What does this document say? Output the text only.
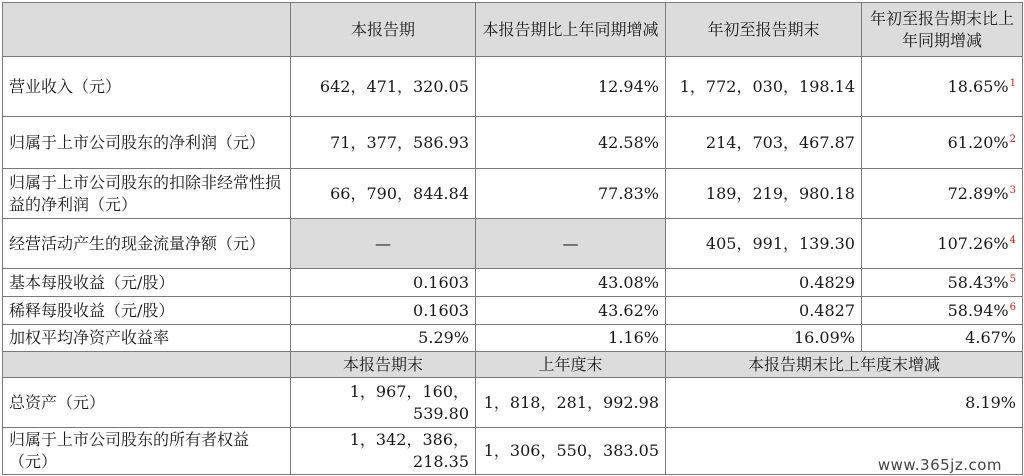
	本报告期	本报告期比上年同期增减	年初至报告期末	年初至报告期末比上年同期增减
营业收入（元）	642，471，320.05	12.94%	1，772，030，198.14	18.65%$^1$
归属于上市公司股东的净利润（元）	71，377，586.93	42.58%	214，703，467.87	61.20%$^2$
归属于上市公司股东的扣除非经常性损益的净利润（元）	66，790，844.84	77.83%	189，219，980.18	72.89%$^3$
经营活动产生的现金流量净额（元）	—	—	405，991，139.30	107.26%$^4$
基本每股收益（元/股）	0.1603	43.08%	0.4829	58.43%$^5$
稀释每股收益（元/股）	0.1603	43.62%	0.4827	58.94%$^6$
加权平均净资产收益率	5.29%	1.16%	16.09%	4.67%
	本报告期末	上年度末	本报告期末比上年度末增减	
总资产（元）	1，967，160，539.80	1，818，281，992.98	8.19%	
归属于上市公司股东的所有者权益（元）	1，342，386，218.35	1，306，550，383.05		
www.365jz.com
